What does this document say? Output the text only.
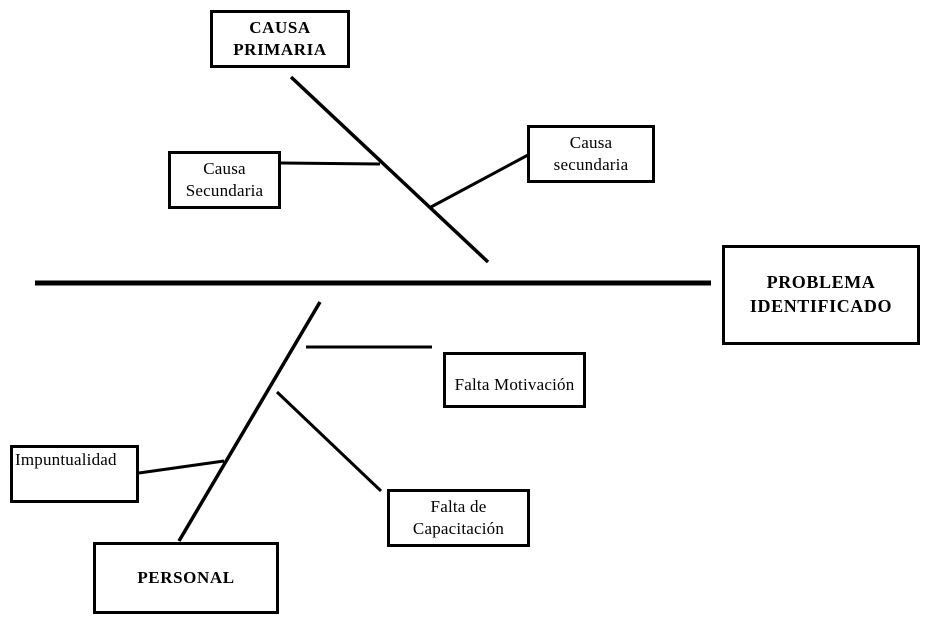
CAUSA
PRIMARIA
Causa
Secundaria
Causa
secundaria
PROBLEMA
IDENTIFICADO
Falta Motivación
Impuntualidad
Falta de
Capacitación
PERSONAL
